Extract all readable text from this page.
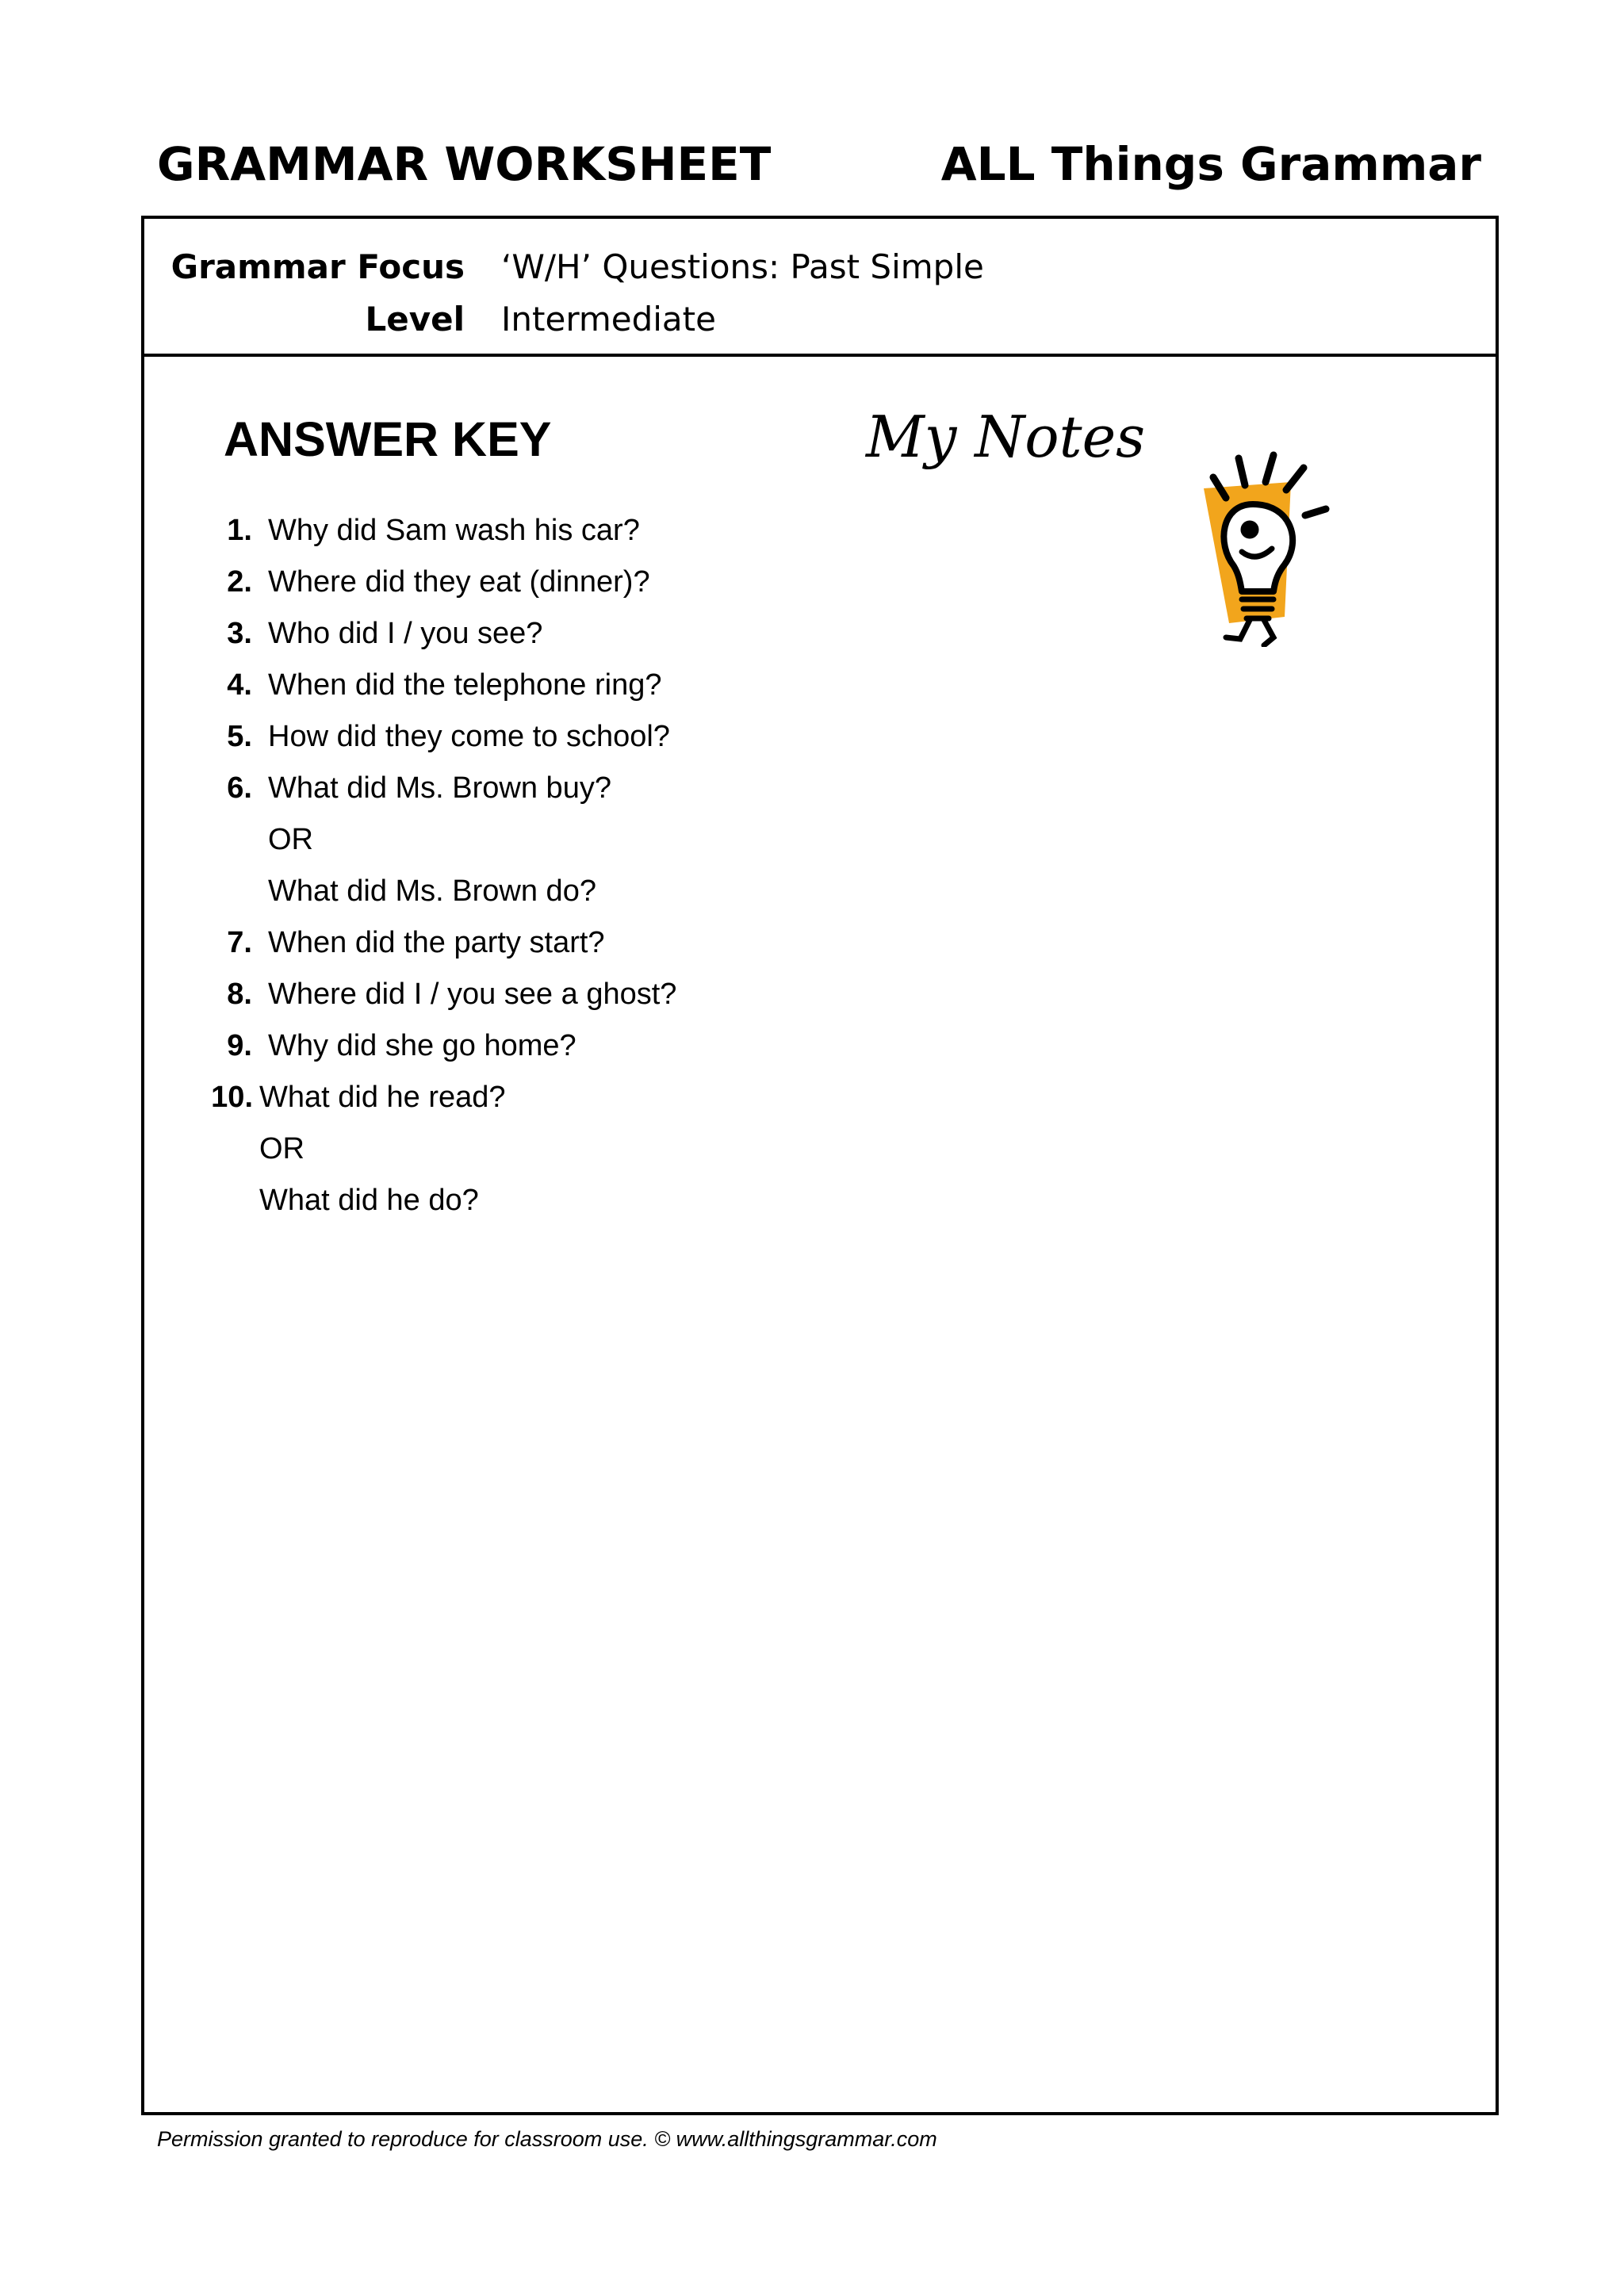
GRAMMAR WORKSHEET	ALL Things Grammar
Grammar Focus ‘W/H’ Questions: Past Simple
Level Intermediate
ANSWER KEY	My Notes
1. Why did Sam wash his car?
2. Where did they eat (dinner)?
3. Who did I / you see?
4. When did the telephone ring?
5. How did they come to school?
6. What did Ms. Brown buy?
OR
What did Ms. Brown do?
7. When did the party start?
8. Where did I / you see a ghost?
9. Why did she go home?
10. What did he read?
OR
What did he do?
Permission granted to reproduce for classroom use. © www.allthingsgrammar.com
